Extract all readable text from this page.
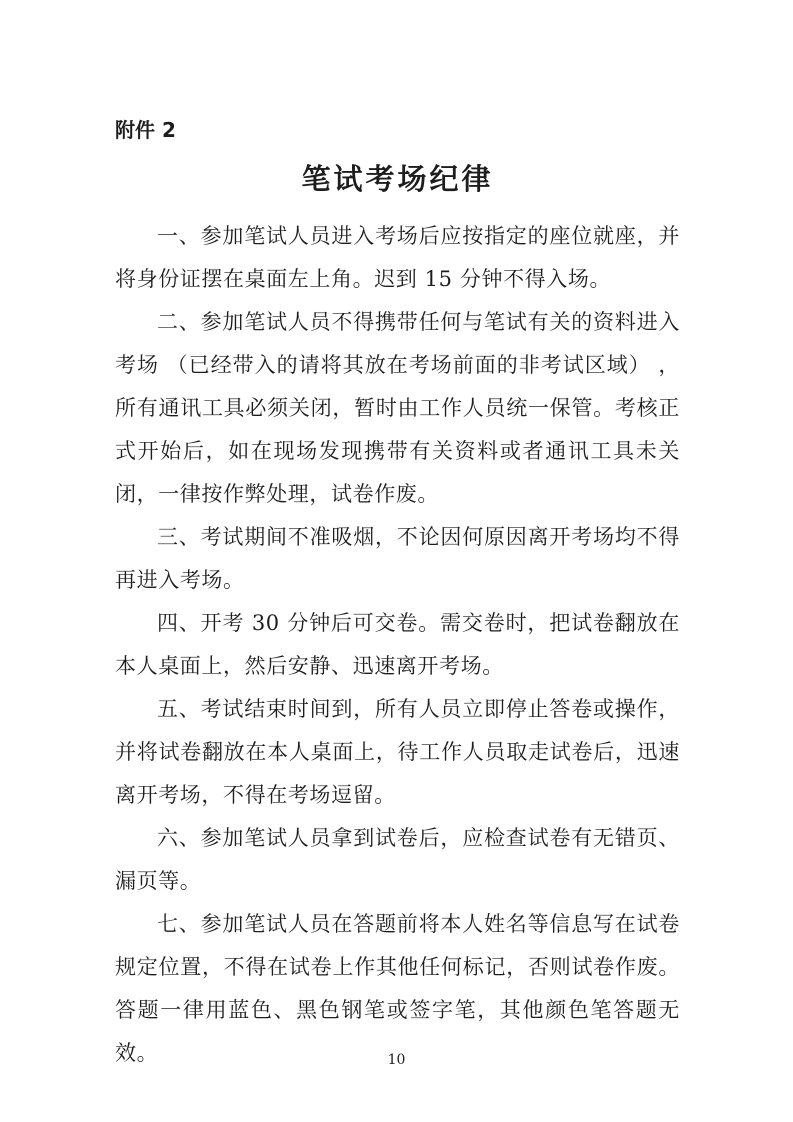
附件 2
笔试考场纪律

一、参加笔试人员进入考场后应按指定的座位就座，并将身份证摆在桌面左上角。迟到 15 分钟不得入场。

二、参加笔试人员不得携带任何与笔试有关的资料进入考场 （已经带入的请将其放在考场前面的非考试区域） ，所有通讯工具必须关闭，暂时由工作人员统一保管。考核正式开始后，如在现场发现携带有关资料或者通讯工具未关闭，一律按作弊处理，试卷作废。

三、考试期间不准吸烟，不论因何原因离开考场均不得再进入考场。

四、开考 30 分钟后可交卷。需交卷时，把试卷翻放在本人桌面上，然后安静、迅速离开考场。

五、考试结束时间到，所有人员立即停止答卷或操作，并将试卷翻放在本人桌面上，待工作人员取走试卷后，迅速离开考场，不得在考场逗留。

六、参加笔试人员拿到试卷后，应检查试卷有无错页、漏页等。

七、参加笔试人员在答题前将本人姓名等信息写在试卷规定位置，不得在试卷上作其他任何标记，否则试卷作废。答题一律用蓝色、黑色钢笔或签字笔，其他颜色笔答题无效。	10
